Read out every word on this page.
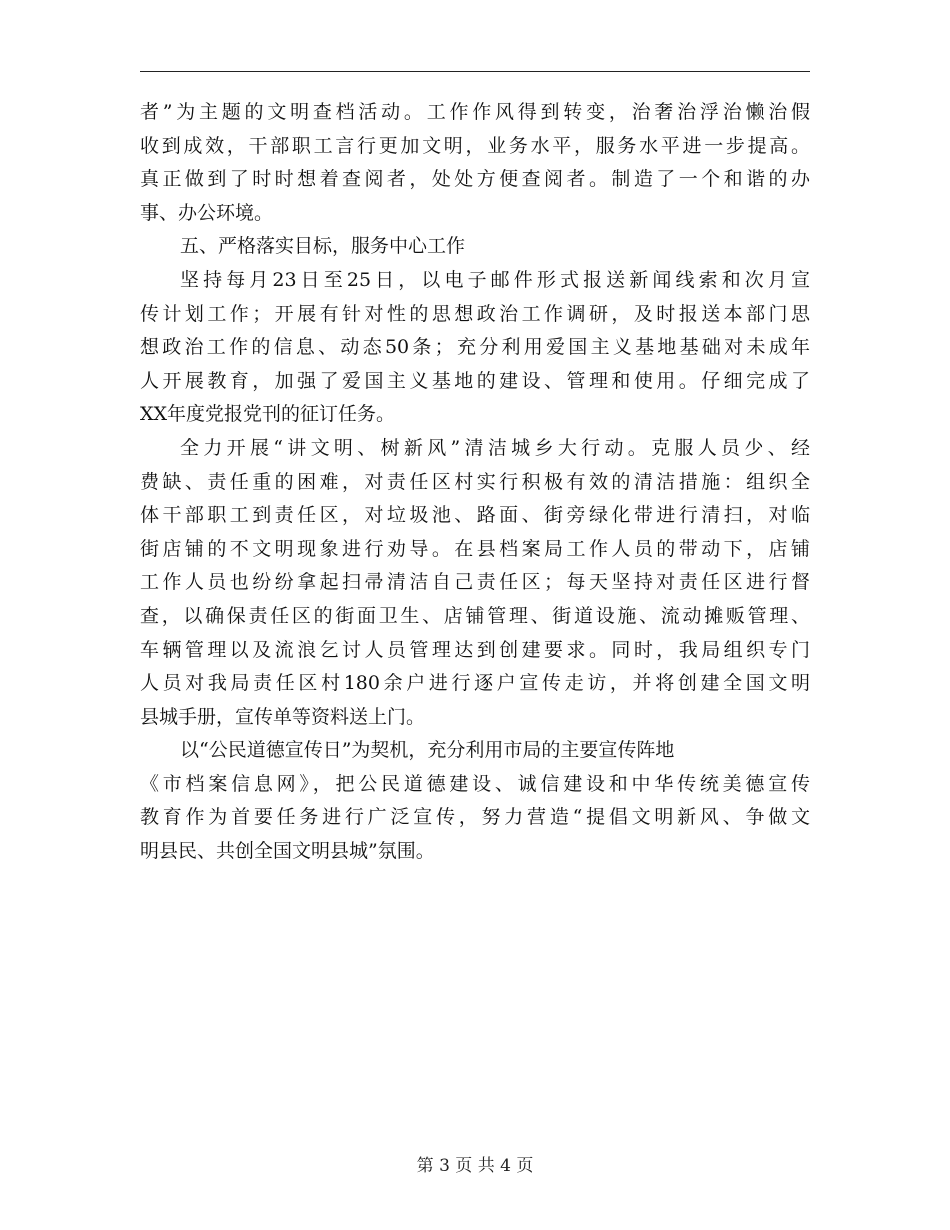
者”为主题的文明查档活动。工作作风得到转变，治奢治浮治懒治假
收到成效，干部职工言行更加文明，业务水平，服务水平进一步提高。
真正做到了时时想着查阅者，处处方便查阅者。制造了一个和谐的办
事、办公环境。
五、严格落实目标，服务中心工作
坚持每月23日至25日，以电子邮件形式报送新闻线索和次月宣
传计划工作；开展有针对性的思想政治工作调研，及时报送本部门思
想政治工作的信息、动态50条；充分利用爱国主义基地基础对未成年
人开展教育，加强了爱国主义基地的建设、管理和使用。仔细完成了
XX年度党报党刊的征订任务。
全力开展“讲文明、树新风”清洁城乡大行动。克服人员少、经
费缺、责任重的困难，对责任区村实行积极有效的清洁措施：组织全
体干部职工到责任区，对垃圾池、路面、街旁绿化带进行清扫，对临
街店铺的不文明现象进行劝导。在县档案局工作人员的带动下，店铺
工作人员也纷纷拿起扫帚清洁自己责任区；每天坚持对责任区进行督
查，以确保责任区的街面卫生、店铺管理、街道设施、流动摊贩管理、
车辆管理以及流浪乞讨人员管理达到创建要求。同时，我局组织专门
人员对我局责任区村180余户进行逐户宣传走访，并将创建全国文明
县城手册，宣传单等资料送上门。
以“公民道德宣传日”为契机，充分利用市局的主要宣传阵地
《市档案信息网》，把公民道德建设、诚信建设和中华传统美德宣传
教育作为首要任务进行广泛宣传，努力营造“提倡文明新风、争做文
明县民、共创全国文明县城”氛围。
第 3 页 共 4 页
